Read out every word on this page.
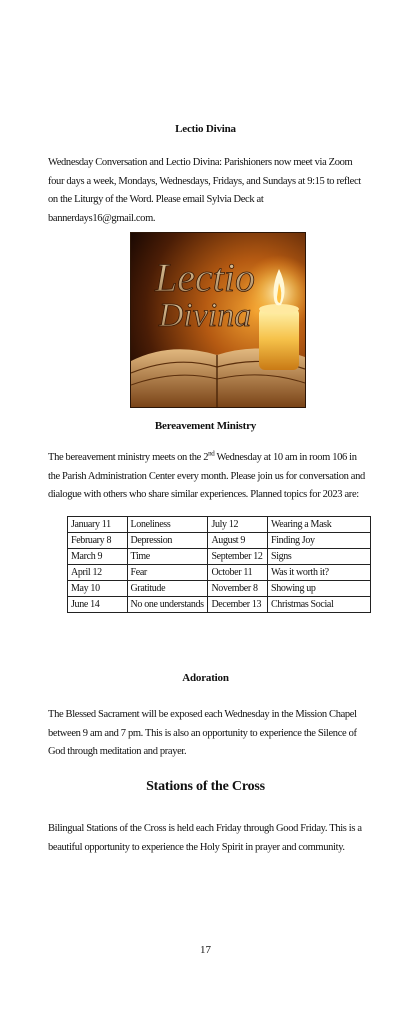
Lectio Divina
Wednesday Conversation and Lectio Divina: Parishioners now meet via Zoom four days a week, Mondays, Wednesdays, Fridays, and Sundays at 9:15 to reflect on the Liturgy of the Word. Please email Sylvia Deck at bannerdays16@gmail.com.
Lectio
Divina
Bereavement Ministry
The bereavement ministry meets on the 2nd Wednesday at 10 am in room 106 in the Parish Administration Center every month. Please join us for conversation and dialogue with others who share similar experiences. Planned topics for 2023 are:
January 11	Loneliness	July 12	Wearing a Mask
February 8	Depression	August 9	Finding Joy
March 9	Time	September 12	Signs
April 12	Fear	October 11	Was it worth it?
May 10	Gratitude	November 8	Showing up
June 14	No one understands	December 13	Christmas Social
Adoration
The Blessed Sacrament will be exposed each Wednesday in the Mission Chapel between 9 am and 7 pm. This is also an opportunity to experience the Silence of God through meditation and prayer.
Stations of the Cross
Bilingual Stations of the Cross is held each Friday through Good Friday. This is a beautiful opportunity to experience the Holy Spirit in prayer and community.
17
